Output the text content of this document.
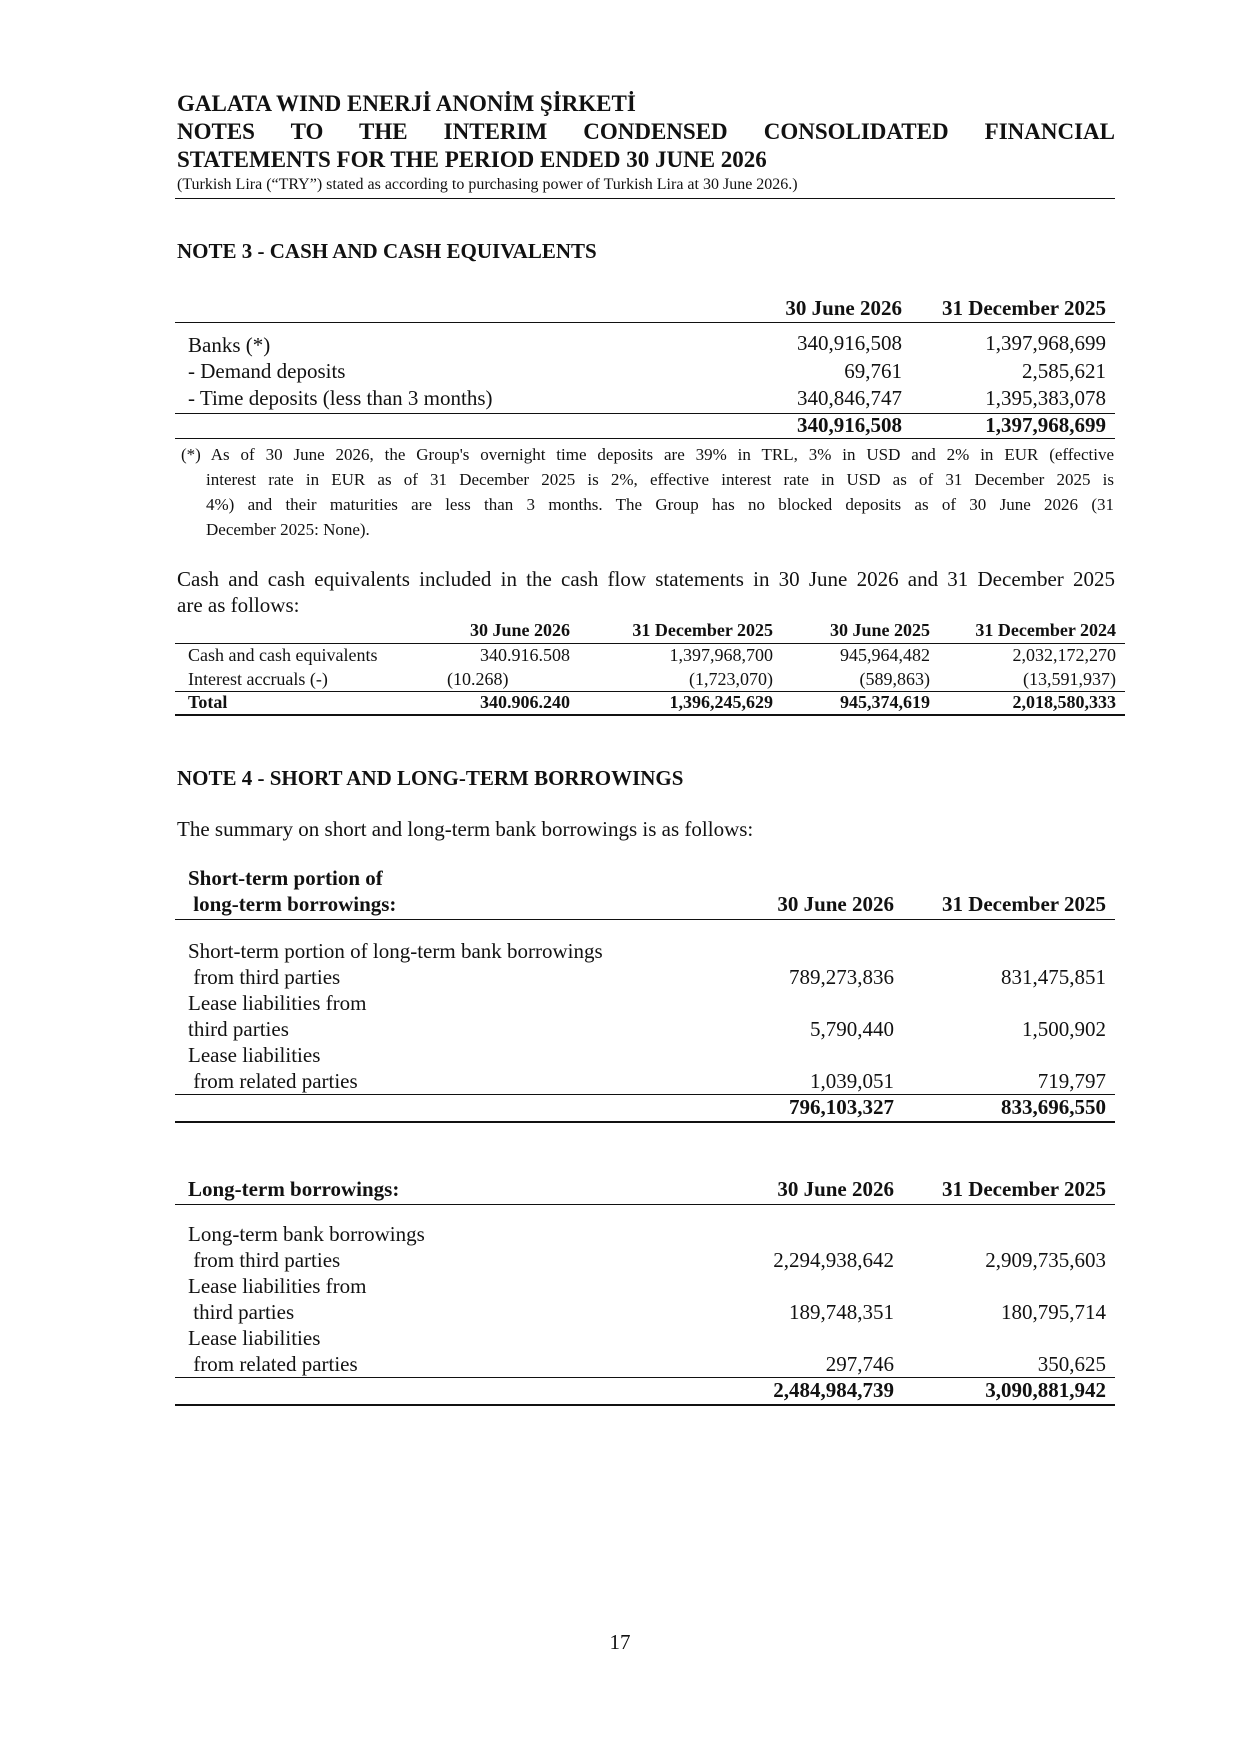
GALATA WIND ENERJİ ANONİM ŞİRKETİ
NOTES TO THE INTERIM CONDENSED CONSOLIDATED FINANCIAL
STATEMENTS FOR THE PERIOD ENDED 30 JUNE 2026
(Turkish Lira (“TRY”) stated as according to purchasing power of Turkish Lira at 30 June 2026.)
NOTE 3 - CASH AND CASH EQUIVALENTS
30 June 2026	31 December 2025
Banks (*)	340,916,508	1,397,968,699
- Demand deposits	69,761	2,585,621
- Time deposits (less than 3 months)	340,846,747	1,395,383,078
340,916,508	1,397,968,699
(*) As of 30 June 2026, the Group's overnight time deposits are 39% in TRL, 3% in USD and 2% in EUR (effective
interest rate in EUR as of 31 December 2025 is 2%, effective interest rate in USD as of 31 December 2025 is
4%) and their maturities are less than 3 months. The Group has no blocked deposits as of 30 June 2026 (31
December 2025: None).
Cash and cash equivalents included in the cash flow statements in 30 June 2026 and 31 December 2025
are as follows:
30 June 2026	31 December 2025	30 June 2025	31 December 2024
Cash and cash equivalents	340.916.508	1,397,968,700	945,964,482	2,032,172,270
Interest accruals (-)	(10.268)	(1,723,070)	(589,863)	(13,591,937)
Total	340.906.240	1,396,245,629	945,374,619	2,018,580,333
NOTE 4 - SHORT AND LONG-TERM BORROWINGS
The summary on short and long-term bank borrowings is as follows:
Short-term portion of
long-term borrowings:	30 June 2026	31 December 2025
Short-term portion of long-term bank borrowings
from third parties	789,273,836	831,475,851
Lease liabilities from
third parties	5,790,440	1,500,902
Lease liabilities
from related parties	1,039,051	719,797
796,103,327	833,696,550
Long-term borrowings:	30 June 2026	31 December 2025
Long-term bank borrowings
from third parties	2,294,938,642	2,909,735,603
Lease liabilities from
third parties	189,748,351	180,795,714
Lease liabilities
from related parties	297,746	350,625
2,484,984,739	3,090,881,942
17
